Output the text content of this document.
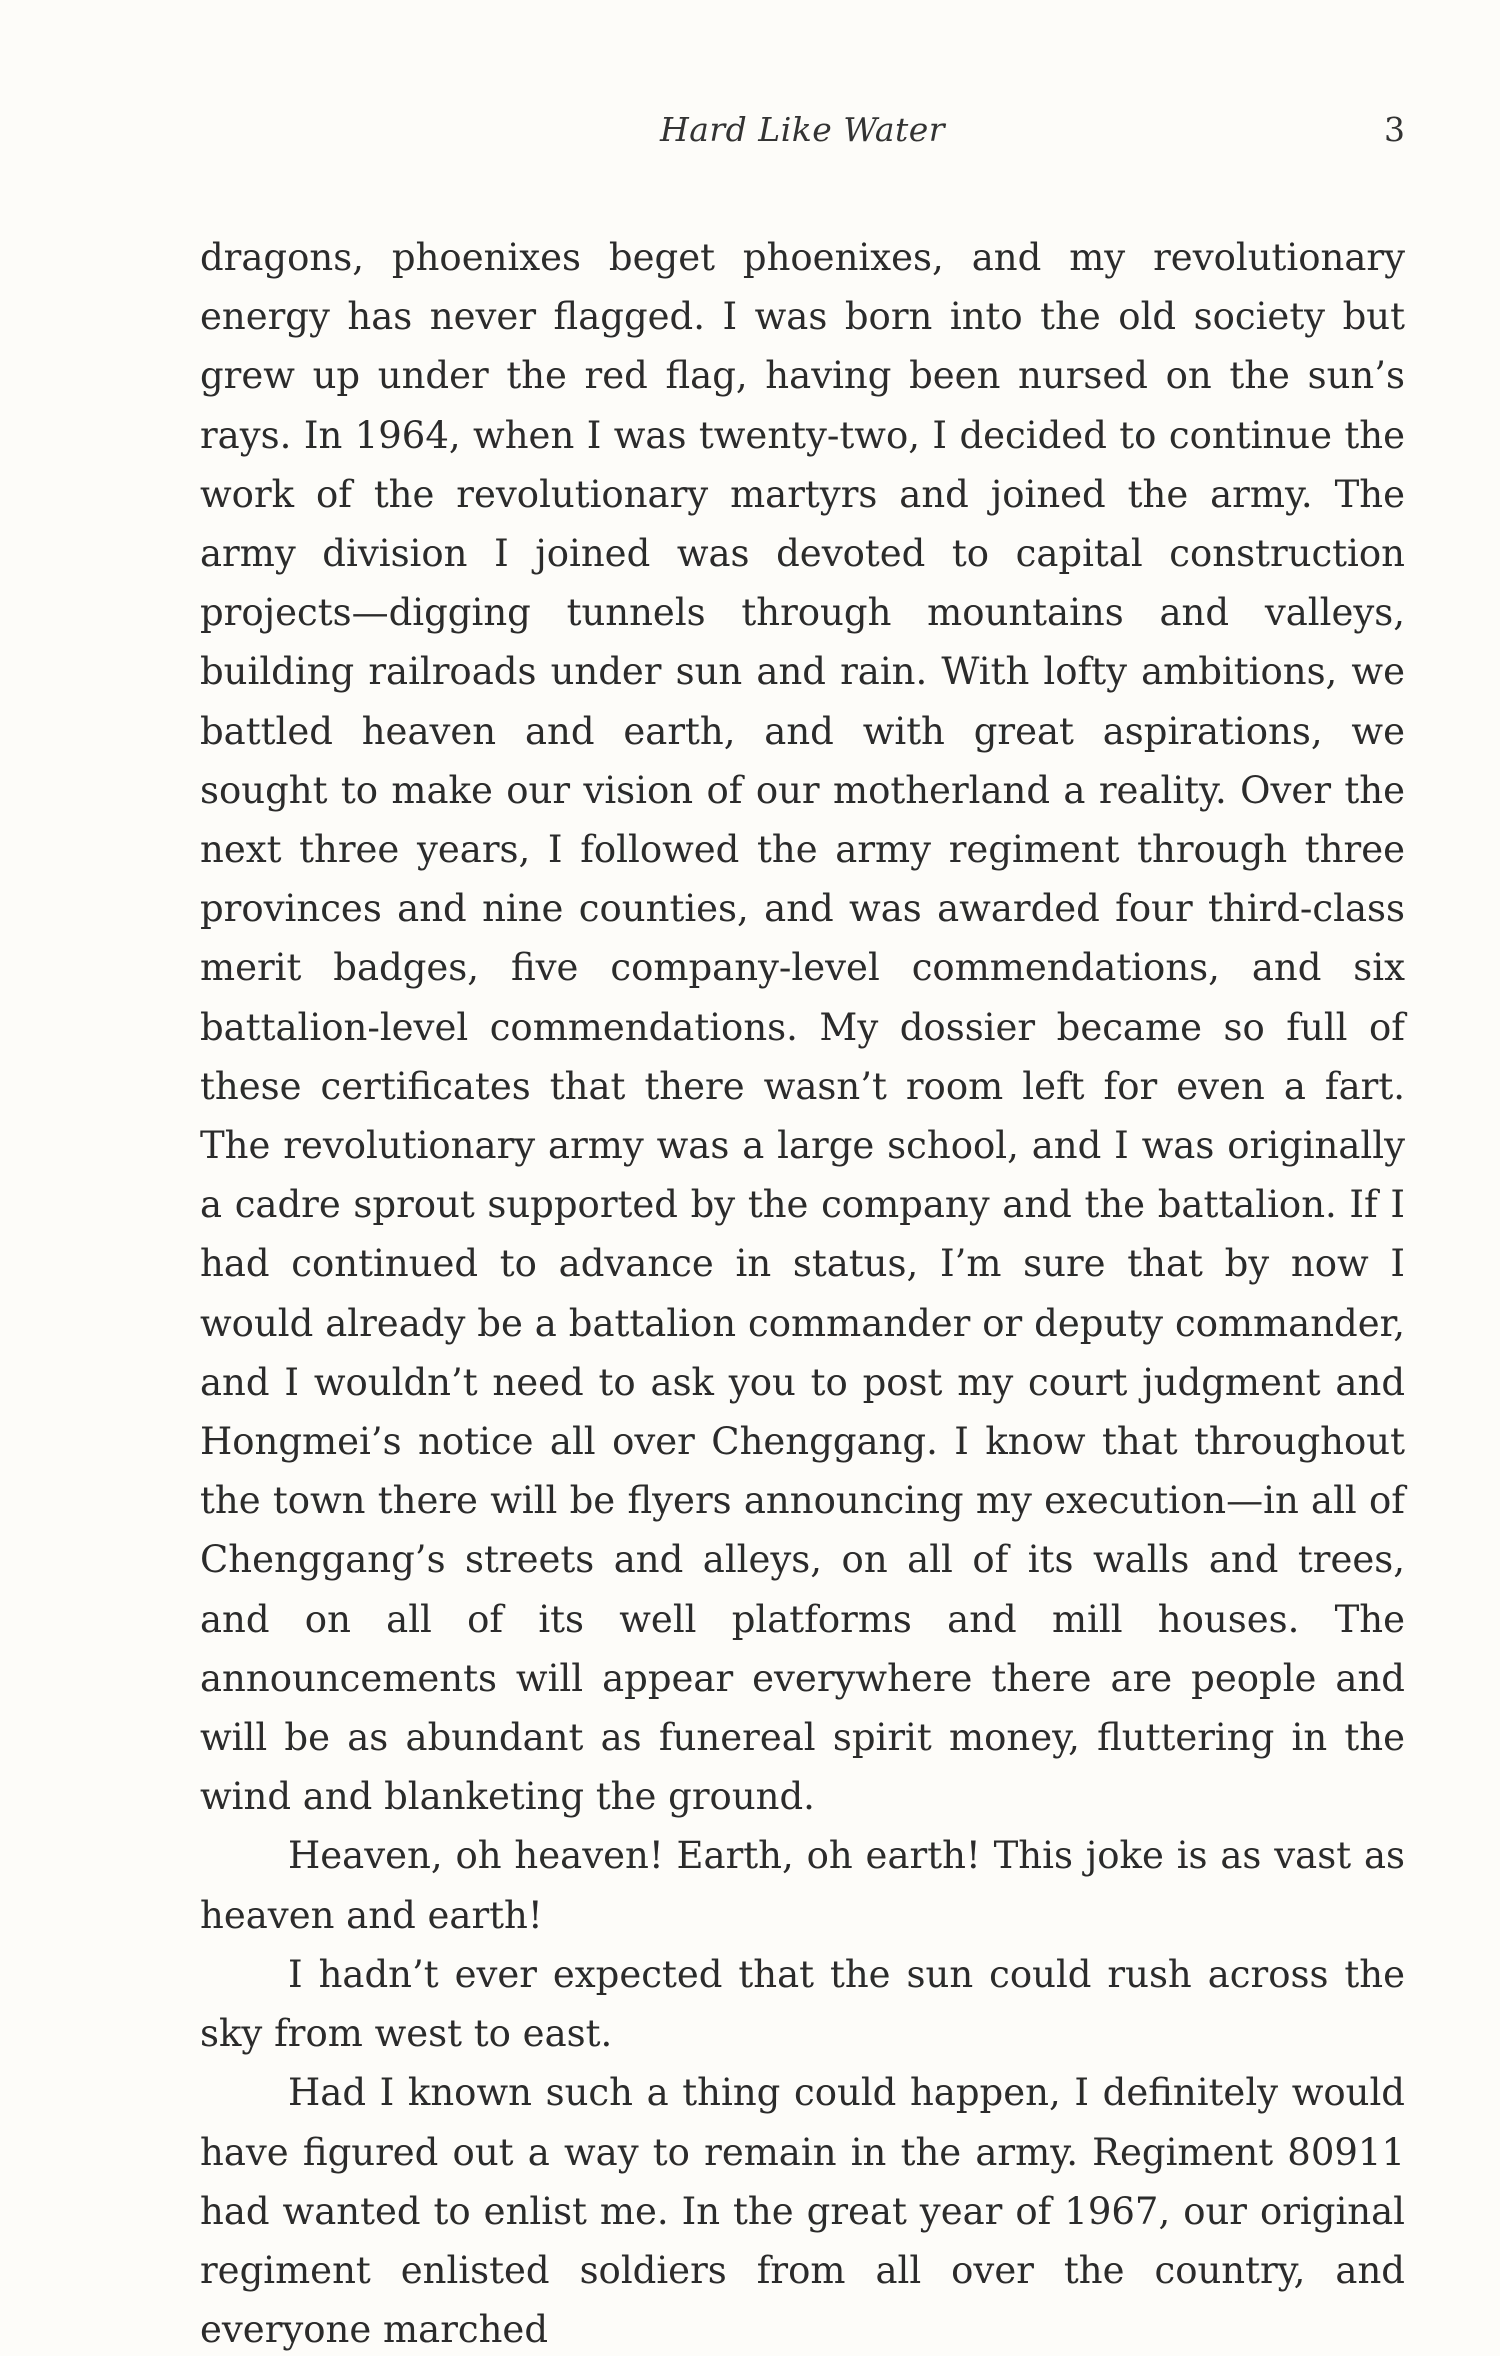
Hard Like Water	3

dragons, phoenixes beget phoenixes, and my revolutionary energy has never flagged. I was born into the old society but grew up under the red flag, having been nursed on the sun’s rays. In 1964, when I was twenty-two, I decided to continue the work of the revolutionary martyrs and joined the army. The army division I joined was devoted to capital construction projects—digging tunnels through mountains and valleys, building railroads under sun and rain. With lofty ambitions, we battled heaven and earth, and with great aspirations, we sought to make our vision of our motherland a reality. Over the next three years, I followed the army regiment through three provinces and nine counties, and was awarded four third-class merit badges, five company-level commendations, and six battalion-level commendations. My dossier became so full of these certificates that there wasn’t room left for even a fart. The revolutionary army was a large school, and I was originally a cadre sprout supported by the company and the battalion. If I had continued to advance in status, I’m sure that by now I would already be a battalion commander or deputy commander, and I wouldn’t need to ask you to post my court judgment and Hongmei’s notice all over Chenggang. I know that throughout the town there will be flyers announcing my execution—in all of Chenggang’s streets and alleys, on all of its walls and trees, and on all of its well platforms and mill houses. The announcements will appear everywhere there are people and will be as abundant as funereal spirit money, fluttering in the wind and blanketing the ground.

Heaven, oh heaven! Earth, oh earth! This joke is as vast as heaven and earth!

I hadn’t ever expected that the sun could rush across the sky from west to east.

Had I known such a thing could happen, I definitely would have figured out a way to remain in the army. Regiment 80911 had wanted to enlist me. In the great year of 1967, our original regiment enlisted soldiers from all over the country, and everyone marched
